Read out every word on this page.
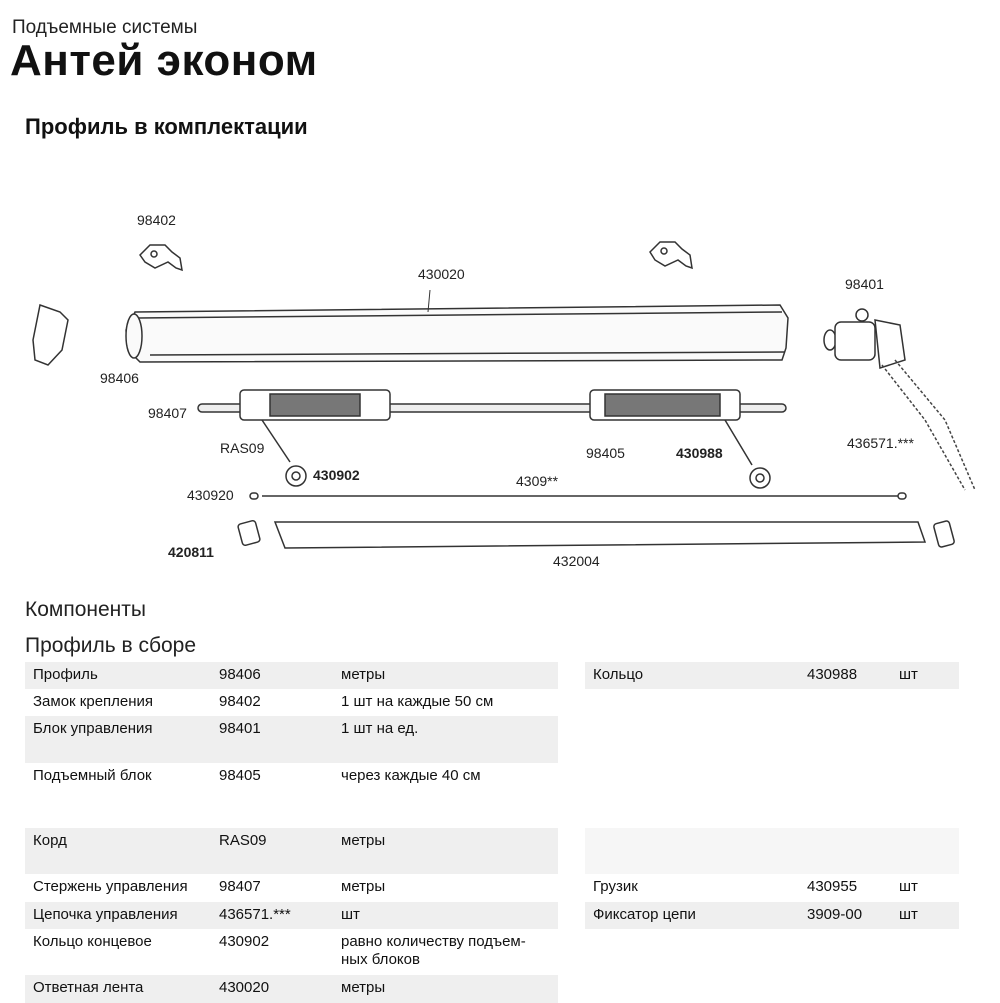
Подъемные системы
Антей эконом
Профиль в комплектации
98402
430020
98401
98406
98407
RAS09
430902
98405	430988
436571.***
430920
4309**
420811
432004
Компоненты
Профиль в сборе
Профиль	98406	метры
Замок крепления	98402	1 шт на каждые 50 см
Блок управления	98401	1 шт на ед.
Подъемный блок	98405	через каждые 40 см
Корд	RAS09	метры
Стержень управления 98407	метры
Цепочка управления	436571.***	шт
Кольцо концевое	430902	равно количеству подъем-
ных блоков
Ответная лента	430020	метры
Кольцо	430988	шт
Грузик	430955	шт
Фиксатор цепи	3909-00 шт
